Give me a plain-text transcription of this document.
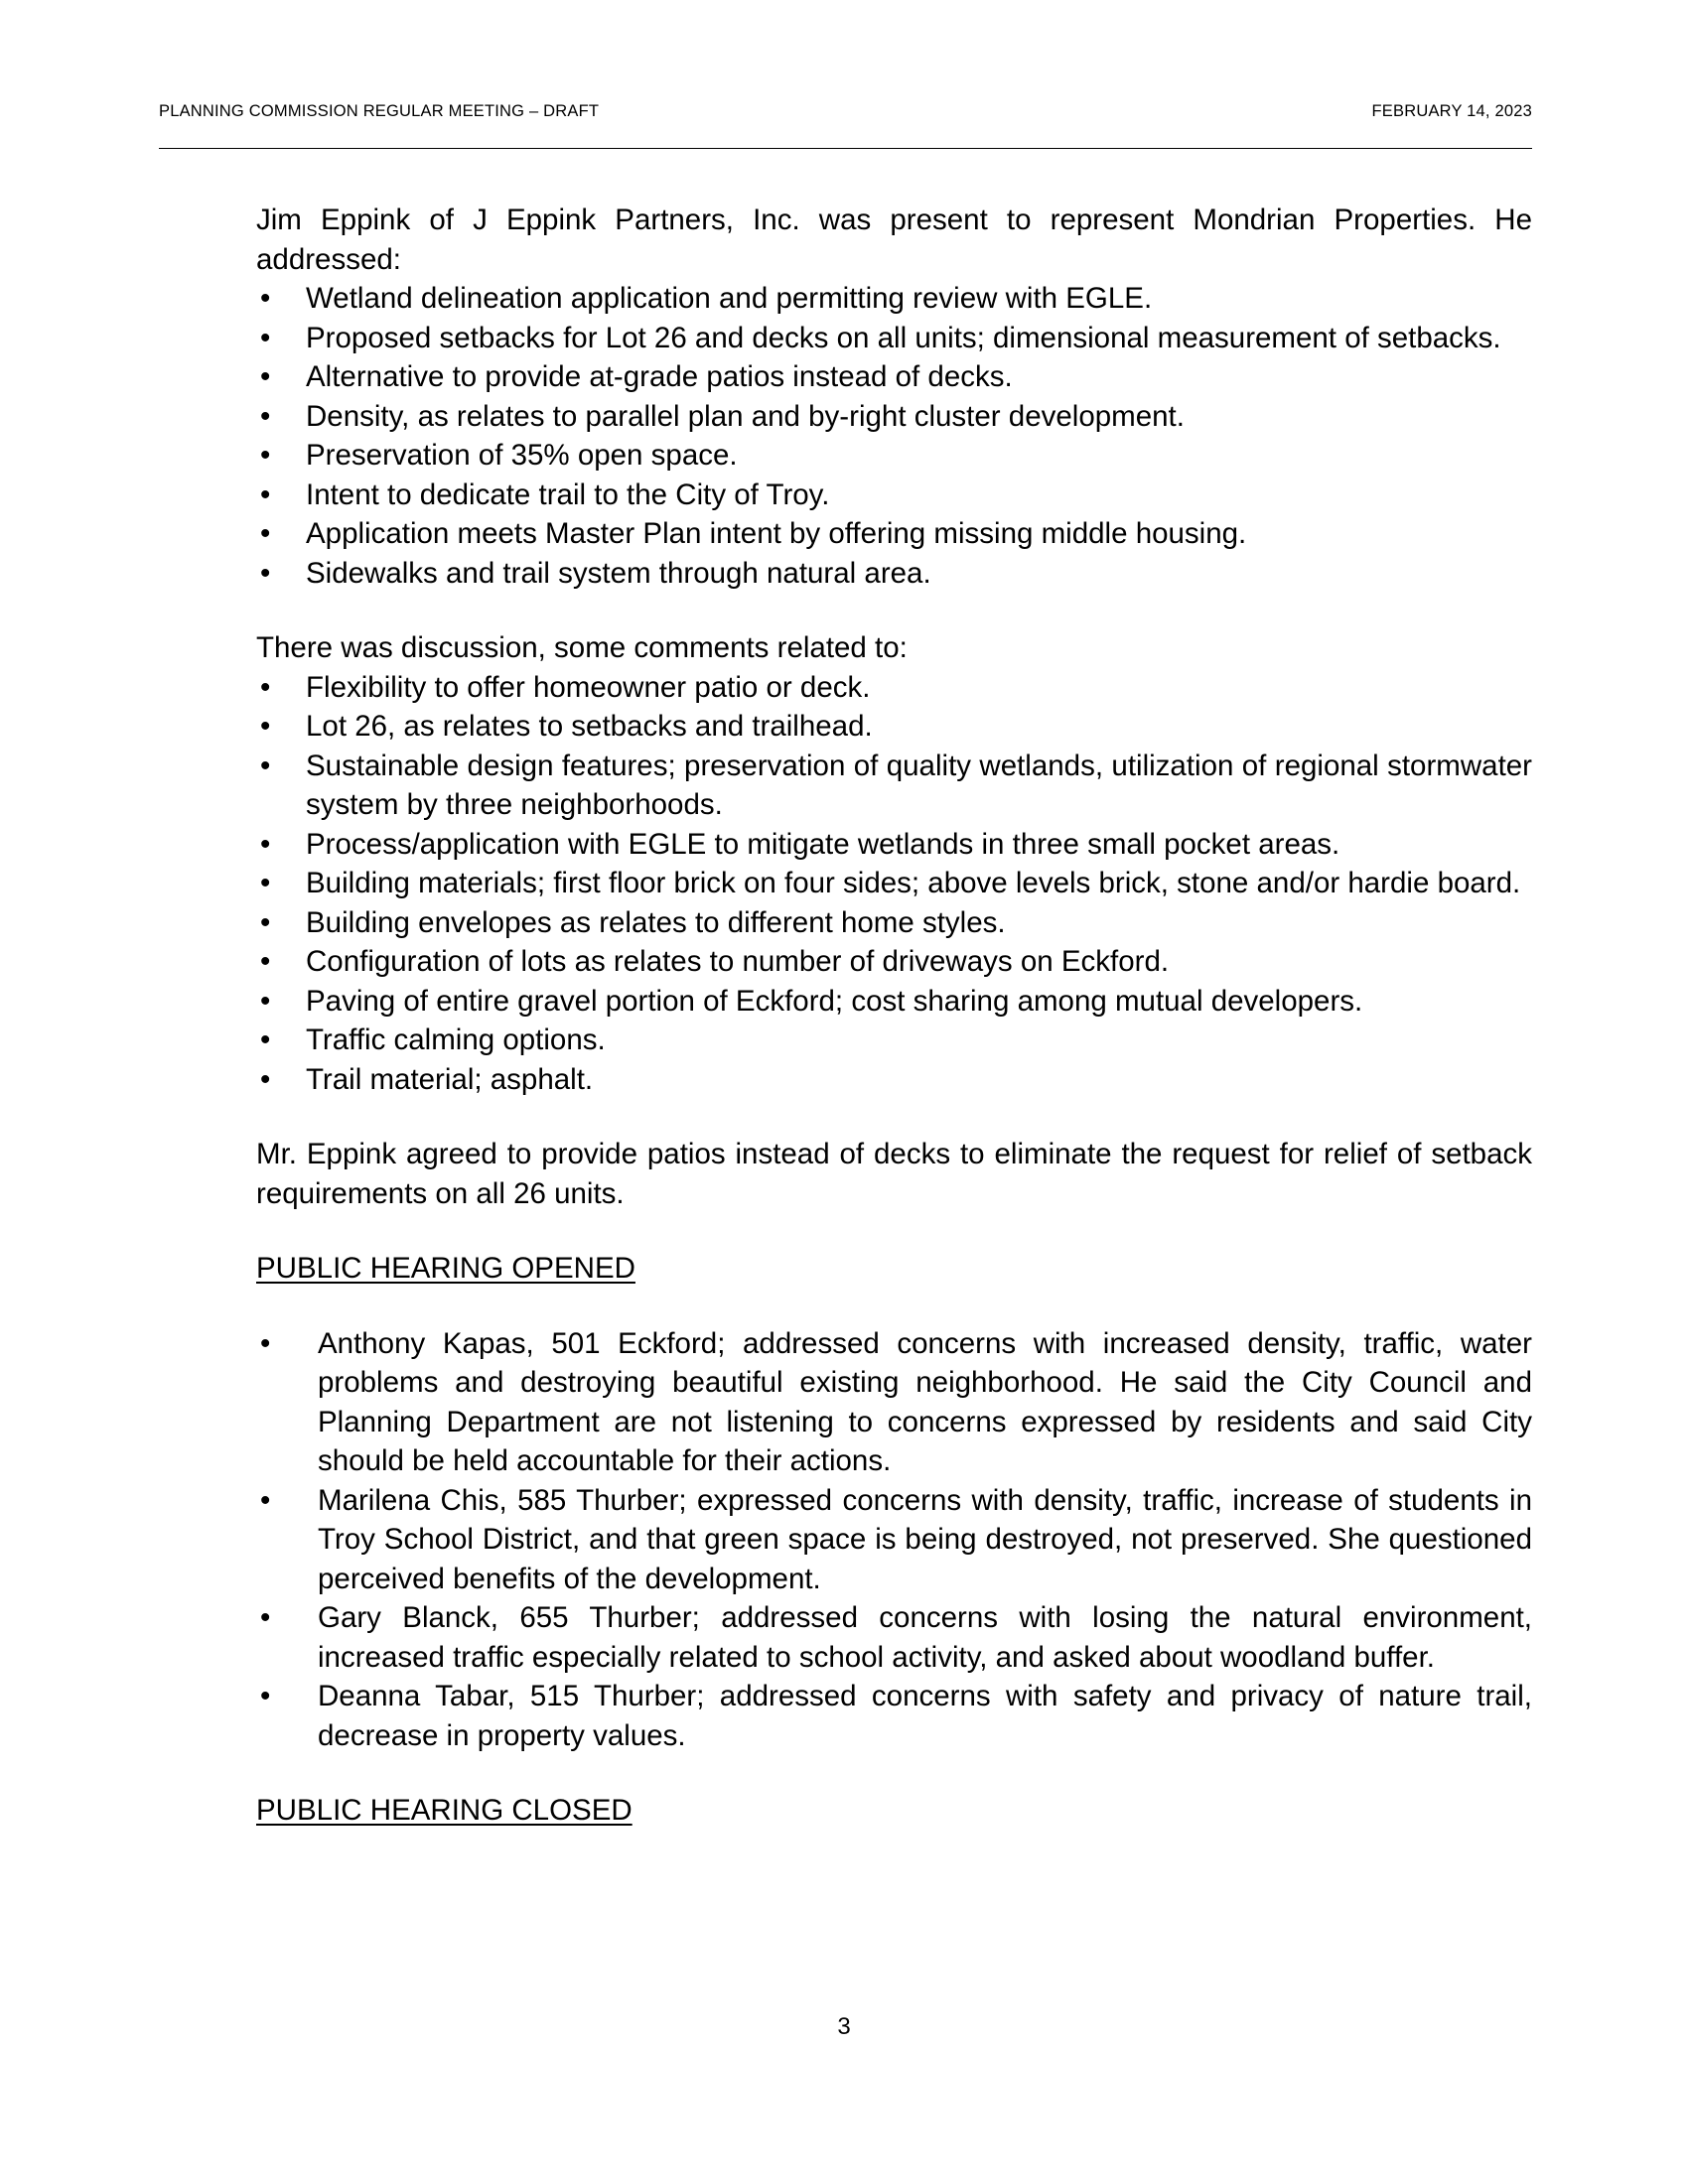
PLANNING COMMISSION REGULAR MEETING – DRAFT	FEBRUARY 14, 2023

Jim Eppink of J Eppink Partners, Inc. was present to represent Mondrian Properties. He addressed:

• Wetland delineation application and permitting review with EGLE.
• Proposed setbacks for Lot 26 and decks on all units; dimensional measurement of setbacks.
• Alternative to provide at-grade patios instead of decks.
• Density, as relates to parallel plan and by-right cluster development.
• Preservation of 35% open space.
• Intent to dedicate trail to the City of Troy.
• Application meets Master Plan intent by offering missing middle housing.
• Sidewalks and trail system through natural area.

There was discussion, some comments related to:

• Flexibility to offer homeowner patio or deck.
• Lot 26, as relates to setbacks and trailhead.
• Sustainable design features; preservation of quality wetlands, utilization of regional stormwater system by three neighborhoods.
• Process/application with EGLE to mitigate wetlands in three small pocket areas.
• Building materials; first floor brick on four sides; above levels brick, stone and/or hardie board.
• Building envelopes as relates to different home styles.
• Configuration of lots as relates to number of driveways on Eckford.
• Paving of entire gravel portion of Eckford; cost sharing among mutual developers.
• Traffic calming options.
• Trail material; asphalt.

Mr. Eppink agreed to provide patios instead of decks to eliminate the request for relief of setback requirements on all 26 units.

PUBLIC HEARING OPENED

• Anthony Kapas, 501 Eckford; addressed concerns with increased density, traffic, water problems and destroying beautiful existing neighborhood. He said the City Council and Planning Department are not listening to concerns expressed by residents and said City should be held accountable for their actions.
• Marilena Chis, 585 Thurber; expressed concerns with density, traffic, increase of students in Troy School District, and that green space is being destroyed, not preserved. She questioned perceived benefits of the development.
• Gary Blanck, 655 Thurber; addressed concerns with losing the natural environment, increased traffic especially related to school activity, and asked about woodland buffer.
• Deanna Tabar, 515 Thurber; addressed concerns with safety and privacy of nature trail, decrease in property values.

PUBLIC HEARING CLOSED

3
